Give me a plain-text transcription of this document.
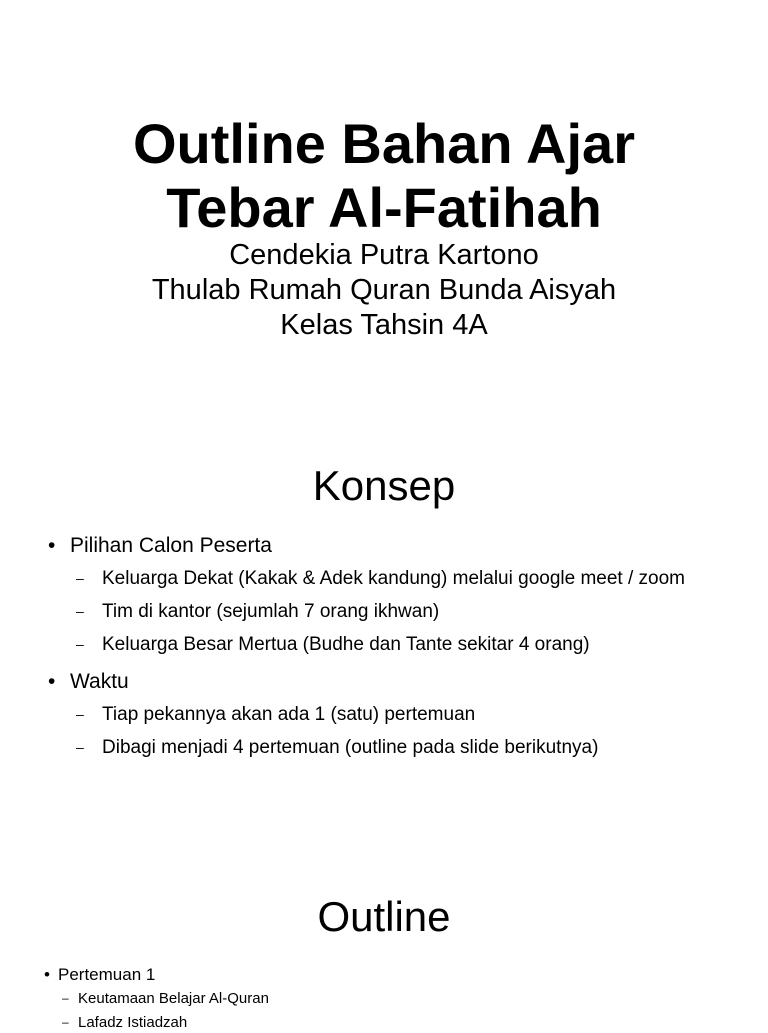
Outline Bahan Ajar
Tebar Al-Fatihah

Cendekia Putra Kartono
Thulab Rumah Quran Bunda Aisyah
Kelas Tahsin 4A

Konsep
• Pilihan Calon Peserta
– Keluarga Dekat (Kakak & Adek kandung) melalui google meet / zoom
– Tim di kantor (sejumlah 7 orang ikhwan)
– Keluarga Besar Mertua (Budhe dan Tante sekitar 4 orang)
• Waktu
– Tiap pekannya akan ada 1 (satu) pertemuan
– Dibagi menjadi 4 pertemuan (outline pada slide berikutnya)
Outline
• Pertemuan 1
– Keutamaan Belajar Al-Quran
– Lafadz Istiadzah
